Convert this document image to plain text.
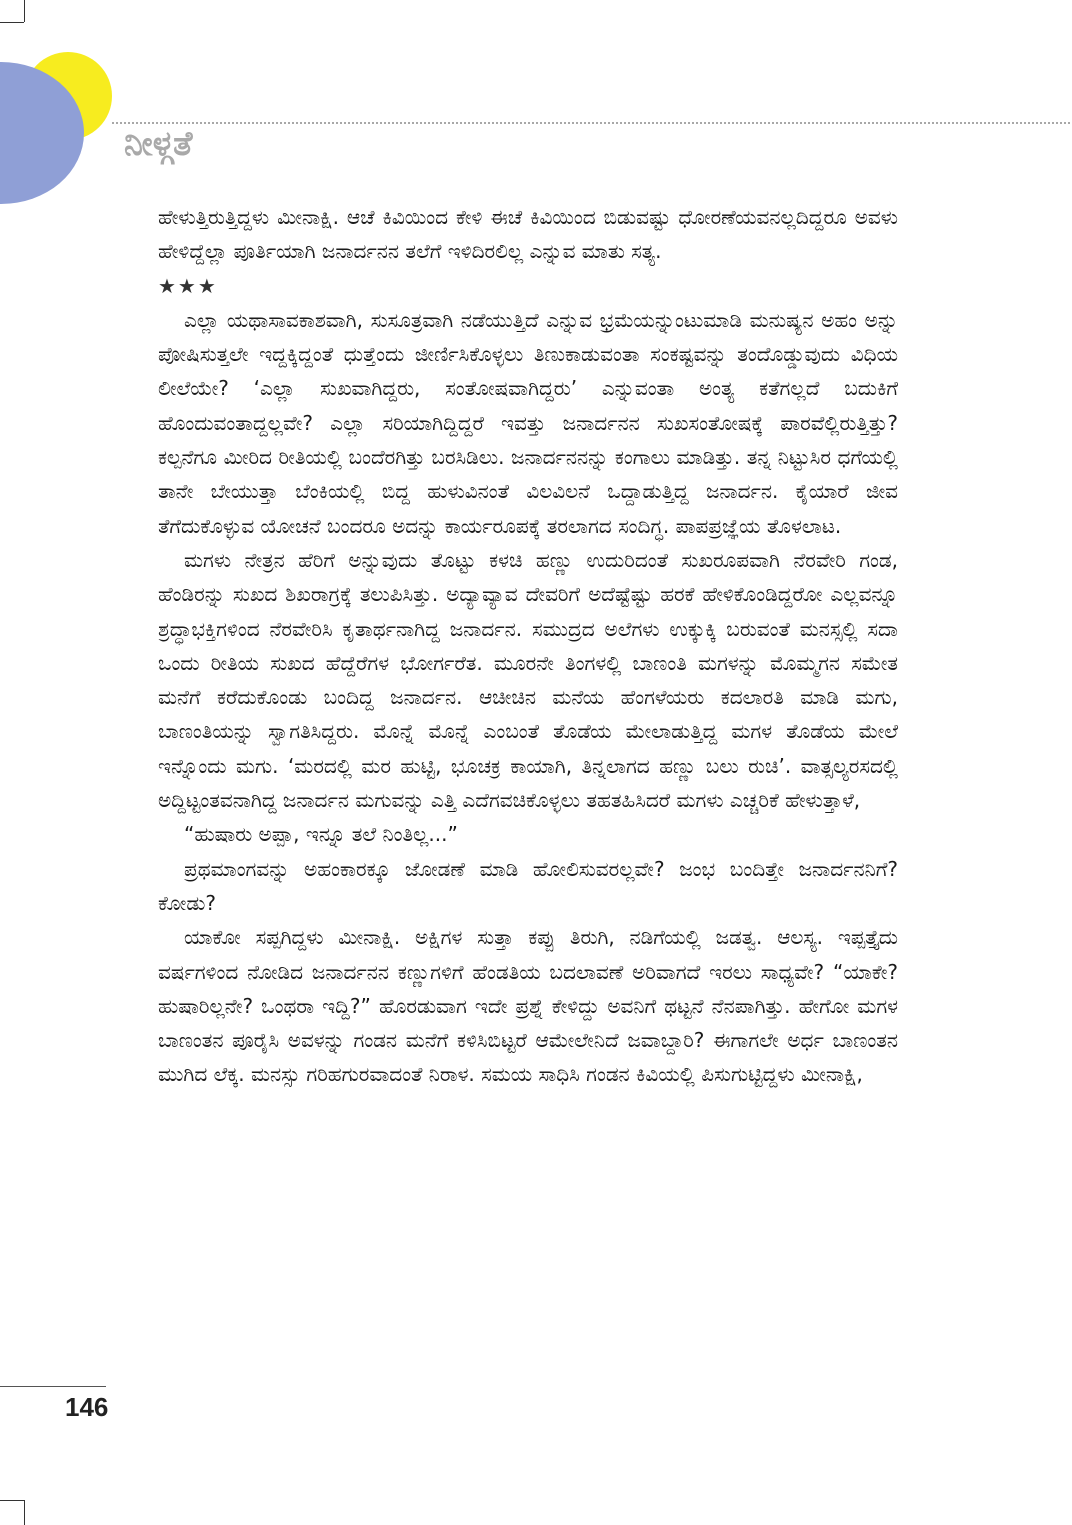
ನೀಳ್ಗತೆ

ಹೇಳುತ್ತಿರುತ್ತಿದ್ದಳು ಮೀನಾಕ್ಷಿ. ಆಚೆ ಕಿವಿಯಿಂದ ಕೇಳಿ ಈಚೆ ಕಿವಿಯಿಂದ ಬಿಡುವಷ್ಟು ಧೋರಣೆಯವನಲ್ಲದಿದ್ದರೂ ಅವಳು ಹೇಳಿದ್ದೆಲ್ಲಾ ಪೂರ್ತಿಯಾಗಿ ಜನಾರ್ದನನ ತಲೆಗೆ ಇಳಿದಿರಲಿಲ್ಲ ಎನ್ನುವ ಮಾತು ಸತ್ಯ.

★★★

ಎಲ್ಲಾ ಯಥಾಸಾವಕಾಶವಾಗಿ, ಸುಸೂತ್ರವಾಗಿ ನಡೆಯುತ್ತಿದೆ ಎನ್ನುವ ಭ್ರಮೆಯನ್ನುಂಟುಮಾಡಿ ಮನುಷ್ಯನ ಅಹಂ ಅನ್ನು ಪೋಷಿಸುತ್ತಲೇ ಇದ್ದಕ್ಕಿದ್ದಂತೆ ಧುತ್ತೆಂದು ಜೀರ್ಣಿಸಿಕೊಳ್ಳಲು ತಿಣುಕಾಡುವಂತಾ ಸಂಕಷ್ಟವನ್ನು ತಂದೊಡ್ಡುವುದು ವಿಧಿಯ ಲೀಲೆಯೇ? ‘ಎಲ್ಲಾ ಸುಖವಾಗಿದ್ದರು, ಸಂತೋಷವಾಗಿದ್ದರು’ ಎನ್ನುವಂತಾ ಅಂತ್ಯ ಕತೆಗಲ್ಲದೆ ಬದುಕಿಗೆ ಹೊಂದುವಂತಾದ್ದಲ್ಲವೇ? ಎಲ್ಲಾ ಸರಿಯಾಗಿದ್ದಿದ್ದರೆ ಇವತ್ತು ಜನಾರ್ದನನ ಸುಖಸಂತೋಷಕ್ಕೆ ಪಾರವೆಲ್ಲಿರುತ್ತಿತ್ತು? ಕಲ್ಪನೆಗೂ ಮೀರಿದ ರೀತಿಯಲ್ಲಿ ಬಂದೆರಗಿತ್ತು ಬರಸಿಡಿಲು. ಜನಾರ್ದನನನ್ನು ಕಂಗಾಲು ಮಾಡಿತ್ತು. ತನ್ನ ನಿಟ್ಟುಸಿರ ಧಗೆಯಲ್ಲಿ ತಾನೇ ಬೇಯುತ್ತಾ ಬೆಂಕಿಯಲ್ಲಿ ಬಿದ್ದ ಹುಳುವಿನಂತೆ ವಿಲವಿಲನೆ ಒದ್ದಾಡುತ್ತಿದ್ದ ಜನಾರ್ದನ. ಕೈಯಾರೆ ಜೀವ ತೆಗೆದುಕೊಳ್ಳುವ ಯೋಚನೆ ಬಂದರೂ ಅದನ್ನು ಕಾರ್ಯರೂಪಕ್ಕೆ ತರಲಾಗದ ಸಂದಿಗ್ಧ. ಪಾಪಪ್ರಜ್ಞೆಯ ತೊಳಲಾಟ.

ಮಗಳು ನೇತ್ರನ ಹೆರಿಗೆ ಅನ್ನುವುದು ತೊಟ್ಟು ಕಳಚಿ ಹಣ್ಣು ಉದುರಿದಂತೆ ಸುಖರೂಪವಾಗಿ ನೆರವೇರಿ ಗಂಡ, ಹೆಂಡಿರನ್ನು ಸುಖದ ಶಿಖರಾಗ್ರಕ್ಕೆ ತಲುಪಿಸಿತ್ತು. ಅದ್ಯಾವ್ಯಾವ ದೇವರಿಗೆ ಅದೆಷ್ಟೆಷ್ಟು ಹರಕೆ ಹೇಳಿಕೊಂಡಿದ್ದರೋ ಎಲ್ಲವನ್ನೂ ಶ್ರದ್ಧಾಭಕ್ತಿಗಳಿಂದ ನೆರವೇರಿಸಿ ಕೃತಾರ್ಥನಾಗಿದ್ದ ಜನಾರ್ದನ. ಸಮುದ್ರದ ಅಲೆಗಳು ಉಕ್ಕುಕ್ಕಿ ಬರುವಂತೆ ಮನಸ್ಸಲ್ಲಿ ಸದಾ ಒಂದು ರೀತಿಯ ಸುಖದ ಹೆದ್ದೆರೆಗಳ ಭೋರ್ಗರೆತ. ಮೂರನೇ ತಿಂಗಳಲ್ಲಿ ಬಾಣಂತಿ ಮಗಳನ್ನು ಮೊಮ್ಮಗನ ಸಮೇತ ಮನೆಗೆ ಕರೆದುಕೊಂಡು ಬಂದಿದ್ದ ಜನಾರ್ದನ. ಆಚೀಚಿನ ಮನೆಯ ಹೆಂಗಳೆಯರು ಕದಲಾರತಿ ಮಾಡಿ ಮಗು, ಬಾಣಂತಿಯನ್ನು ಸ್ವಾಗತಿಸಿದ್ದರು. ಮೊನ್ನೆ ಮೊನ್ನೆ ಎಂಬಂತೆ ತೊಡೆಯ ಮೇಲಾಡುತ್ತಿದ್ದ ಮಗಳ ತೊಡೆಯ ಮೇಲೆ ಇನ್ನೊಂದು ಮಗು. ‘ಮರದಲ್ಲಿ ಮರ ಹುಟ್ಟಿ, ಭೂಚಕ್ರ ಕಾಯಾಗಿ, ತಿನ್ನಲಾಗದ ಹಣ್ಣು ಬಲು ರುಚಿ’. ವಾತ್ಸಲ್ಯರಸದಲ್ಲಿ ಅದ್ದಿಟ್ಟಂತವನಾಗಿದ್ದ ಜನಾರ್ದನ ಮಗುವನ್ನು ಎತ್ತಿ ಎದೆಗವಚಿಕೊಳ್ಳಲು ತಹತಹಿಸಿದರೆ ಮಗಳು ಎಚ್ಚರಿಕೆ ಹೇಳುತ್ತಾಳೆ,

“ಹುಷಾರು ಅಪ್ಪಾ, ಇನ್ನೂ ತಲೆ ನಿಂತಿಲ್ಲ...”

ಪ್ರಥಮಾಂಗವನ್ನು ಅಹಂಕಾರಕ್ಕೂ ಜೋಡಣೆ ಮಾಡಿ ಹೋಲಿಸುವರಲ್ಲವೇ? ಜಂಭ ಬಂದಿತ್ತೇ ಜನಾರ್ದನನಿಗೆ? ಕೋಡು?

ಯಾಕೋ ಸಪ್ಪಗಿದ್ದಳು ಮೀನಾಕ್ಷಿ. ಅಕ್ಷಿಗಳ ಸುತ್ತಾ ಕಪ್ಪು ತಿರುಗಿ, ನಡಿಗೆಯಲ್ಲಿ ಜಡತ್ವ. ಆಲಸ್ಯ. ಇಪ್ಪತ್ತೈದು ವರ್ಷಗಳಿಂದ ನೋಡಿದ ಜನಾರ್ದನನ ಕಣ್ಣುಗಳಿಗೆ ಹೆಂಡತಿಯ ಬದಲಾವಣೆ ಅರಿವಾಗದೆ ಇರಲು ಸಾಧ್ಯವೇ? “ಯಾಕೇ? ಹುಷಾರಿಲ್ಲನೇ? ಒಂಥರಾ ಇದ್ದಿ?” ಹೊರಡುವಾಗ ಇದೇ ಪ್ರಶ್ನೆ ಕೇಳಿದ್ದು ಅವನಿಗೆ ಥಟ್ಟನೆ ನೆನಪಾಗಿತ್ತು. ಹೇಗೋ ಮಗಳ ಬಾಣಂತನ ಪೂರೈಸಿ ಅವಳನ್ನು ಗಂಡನ ಮನೆಗೆ ಕಳಿಸಿಬಿಟ್ಟರೆ ಆಮೇಲೇನಿದೆ ಜವಾಬ್ದಾರಿ? ಈಗಾಗಲೇ ಅರ್ಧ ಬಾಣಂತನ ಮುಗಿದ ಲೆಕ್ಕ. ಮನಸ್ಸು ಗರಿಹಗುರವಾದಂತೆ ನಿರಾಳ. ಸಮಯ ಸಾಧಿಸಿ ಗಂಡನ ಕಿವಿಯಲ್ಲಿ ಪಿಸುಗುಟ್ಟಿದ್ದಳು ಮೀನಾಕ್ಷಿ,

146
